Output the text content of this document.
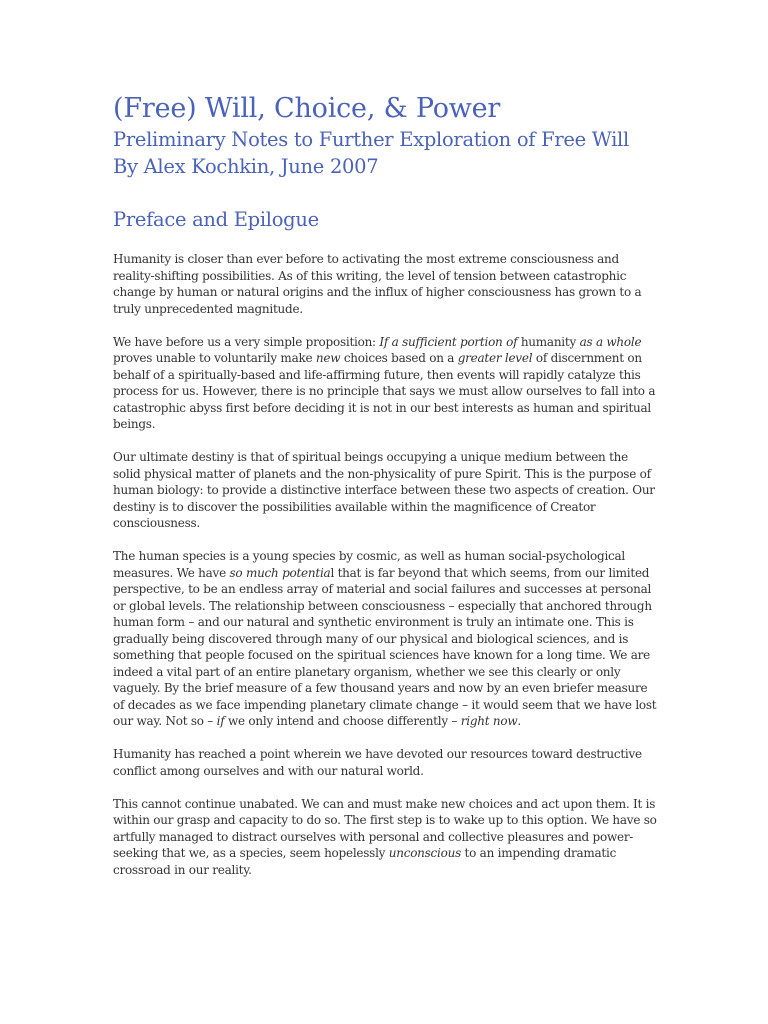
(Free) Will, Choice, & Power
Preliminary Notes to Further Exploration of Free Will
By Alex Kochkin, June 2007
Preface and Epilogue

Humanity is closer than ever before to activating the most extreme consciousness and reality-shifting possibilities. As of this writing, the level of tension between catastrophic change by human or natural origins and the influx of higher consciousness has grown to a truly unprecedented magnitude.

We have before us a very simple proposition: If a sufficient portion of humanity as a whole proves unable to voluntarily make new choices based on a greater level of discernment on behalf of a spiritually-based and life-affirming future, then events will rapidly catalyze this process for us. However, there is no principle that says we must allow ourselves to fall into a catastrophic abyss first before deciding it is not in our best interests as human and spiritual beings.

Our ultimate destiny is that of spiritual beings occupying a unique medium between the solid physical matter of planets and the non-physicality of pure Spirit. This is the purpose of human biology: to provide a distinctive interface between these two aspects of creation. Our destiny is to discover the possibilities available within the magnificence of Creator consciousness.

The human species is a young species by cosmic, as well as human social-psychological measures. We have so much potential that is far beyond that which seems, from our limited perspective, to be an endless array of material and social failures and successes at personal or global levels. The relationship between consciousness – especially that anchored through human form – and our natural and synthetic environment is truly an intimate one. This is gradually being discovered through many of our physical and biological sciences, and is something that people focused on the spiritual sciences have known for a long time. We are indeed a vital part of an entire planetary organism, whether we see this clearly or only vaguely. By the brief measure of a few thousand years and now by an even briefer measure of decades as we face impending planetary climate change – it would seem that we have lost our way. Not so – if we only intend and choose differently – right now.

Humanity has reached a point wherein we have devoted our resources toward destructive conflict among ourselves and with our natural world.

This cannot continue unabated. We can and must make new choices and act upon them. It is within our grasp and capacity to do so. The first step is to wake up to this option. We have so artfully managed to distract ourselves with personal and collective pleasures and power-seeking that we, as a species, seem hopelessly unconscious to an impending dramatic crossroad in our reality.
